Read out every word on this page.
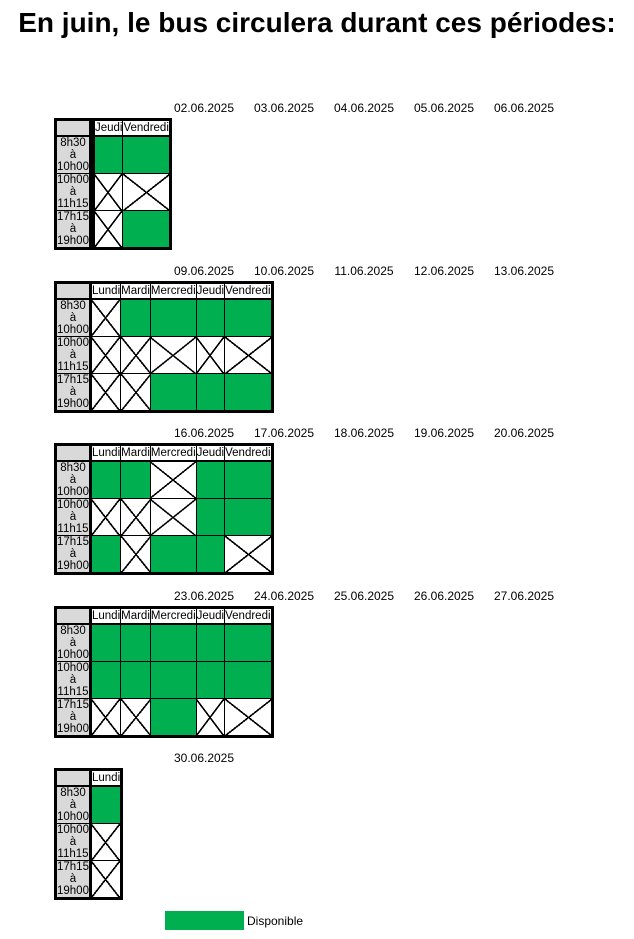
En juin, le bus circulera durant ces périodes:
02.06.2025	03.06.2025	04.06.2025	05.06.2025	06.06.2025
				Jeudi	Vendredi
8h30 à 10h00					
10h00 à 11h15					
17h15 à 19h00					
09.06.2025	10.06.2025	11.06.2025	12.06.2025	13.06.2025
	Lundi	Mardi	Mercredi	Jeudi	Vendredi
8h30 à 10h00					
10h00 à 11h15					
17h15 à 19h00					
16.06.2025	17.06.2025	18.06.2025	19.06.2025	20.06.2025
	Lundi	Mardi	Mercredi	Jeudi	Vendredi
8h30 à 10h00					
10h00 à 11h15					
17h15 à 19h00					
23.06.2025	24.06.2025	25.06.2025	26.06.2025	27.06.2025
	Lundi	Mardi	Mercredi	Jeudi	Vendredi
8h30 à 10h00					
10h00 à 11h15					
17h15 à 19h00					
30.06.2025
	Lundi
8h30 à 10h00	
10h00 à 11h15	
17h15 à 19h00	
Disponible
